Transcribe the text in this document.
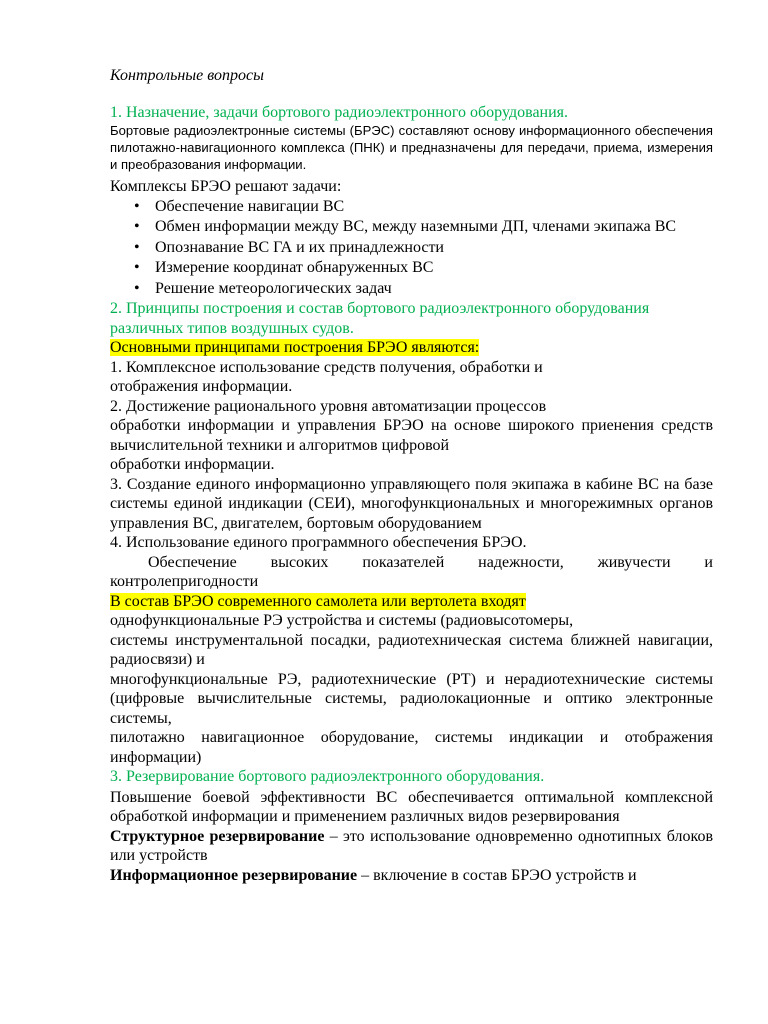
Контрольные вопросы

1. Назначение, задачи бортового радиоэлектронного оборудования.

Бортовые радиоэлектронные системы (БРЭС) составляют основу информационного обеспечения пилотажно-навигационного комплекса (ПНК) и предназначены для передачи, приема, измерения и преобразования информации.

Комплексы БРЭО решают задачи:

• Обеспечение навигации ВС
• Обмен информации между ВС, между наземными ДП, членами экипажа ВС
• Опознавание ВС ГА и их принадлежности
• Измерение координат обнаруженных ВС
• Решение метеорологических задач

2. Принципы построения и состав бортового радиоэлектронного оборудования различных типов воздушных судов.

Основными принципами построения БРЭО являются:

1. Комплексное использование средств получения, обработки и

отображения информации.

2. Достижение рационального уровня автоматизации процессов

обработки информации и управления БРЭО на основе широкого приенения средств вычислительной техники и алгоритмов цифровой

обработки информации.

3. Создание единого информационно управляющего поля экипажа в кабине ВС на базе системы единой индикации (СЕИ), многофункциональных и многорежимных органов управления ВС, двигателем, бортовым оборудованием

4. Использование единого программного обеспечения БРЭО.

Обеспечение высоких показателей надежности, живучести и контролепригодности

В состав БРЭО современного самолета или вертолета входят

однофункциональные РЭ устройства и системы (радиовысотомеры,

системы инструментальной посадки, радиотехническая система ближней навигации, радиосвязи) и

многофункциональные РЭ, радиотехнические (РТ) и нерадиотехнические системы (цифровые вычислительные системы, радиолокационные и оптико электронные системы,

пилотажно навигационное оборудование, системы индикации и отображения информации)

3. Резервирование бортового радиоэлектронного оборудования.

Повышение боевой эффективности ВС обеспечивается оптимальной комплексной обработкой информации и применением различных видов резервирования

Структурное резервирование – это использование одновременно однотипных блоков или устройств

Информационное резервирование – включение в состав БРЭО устройств и
